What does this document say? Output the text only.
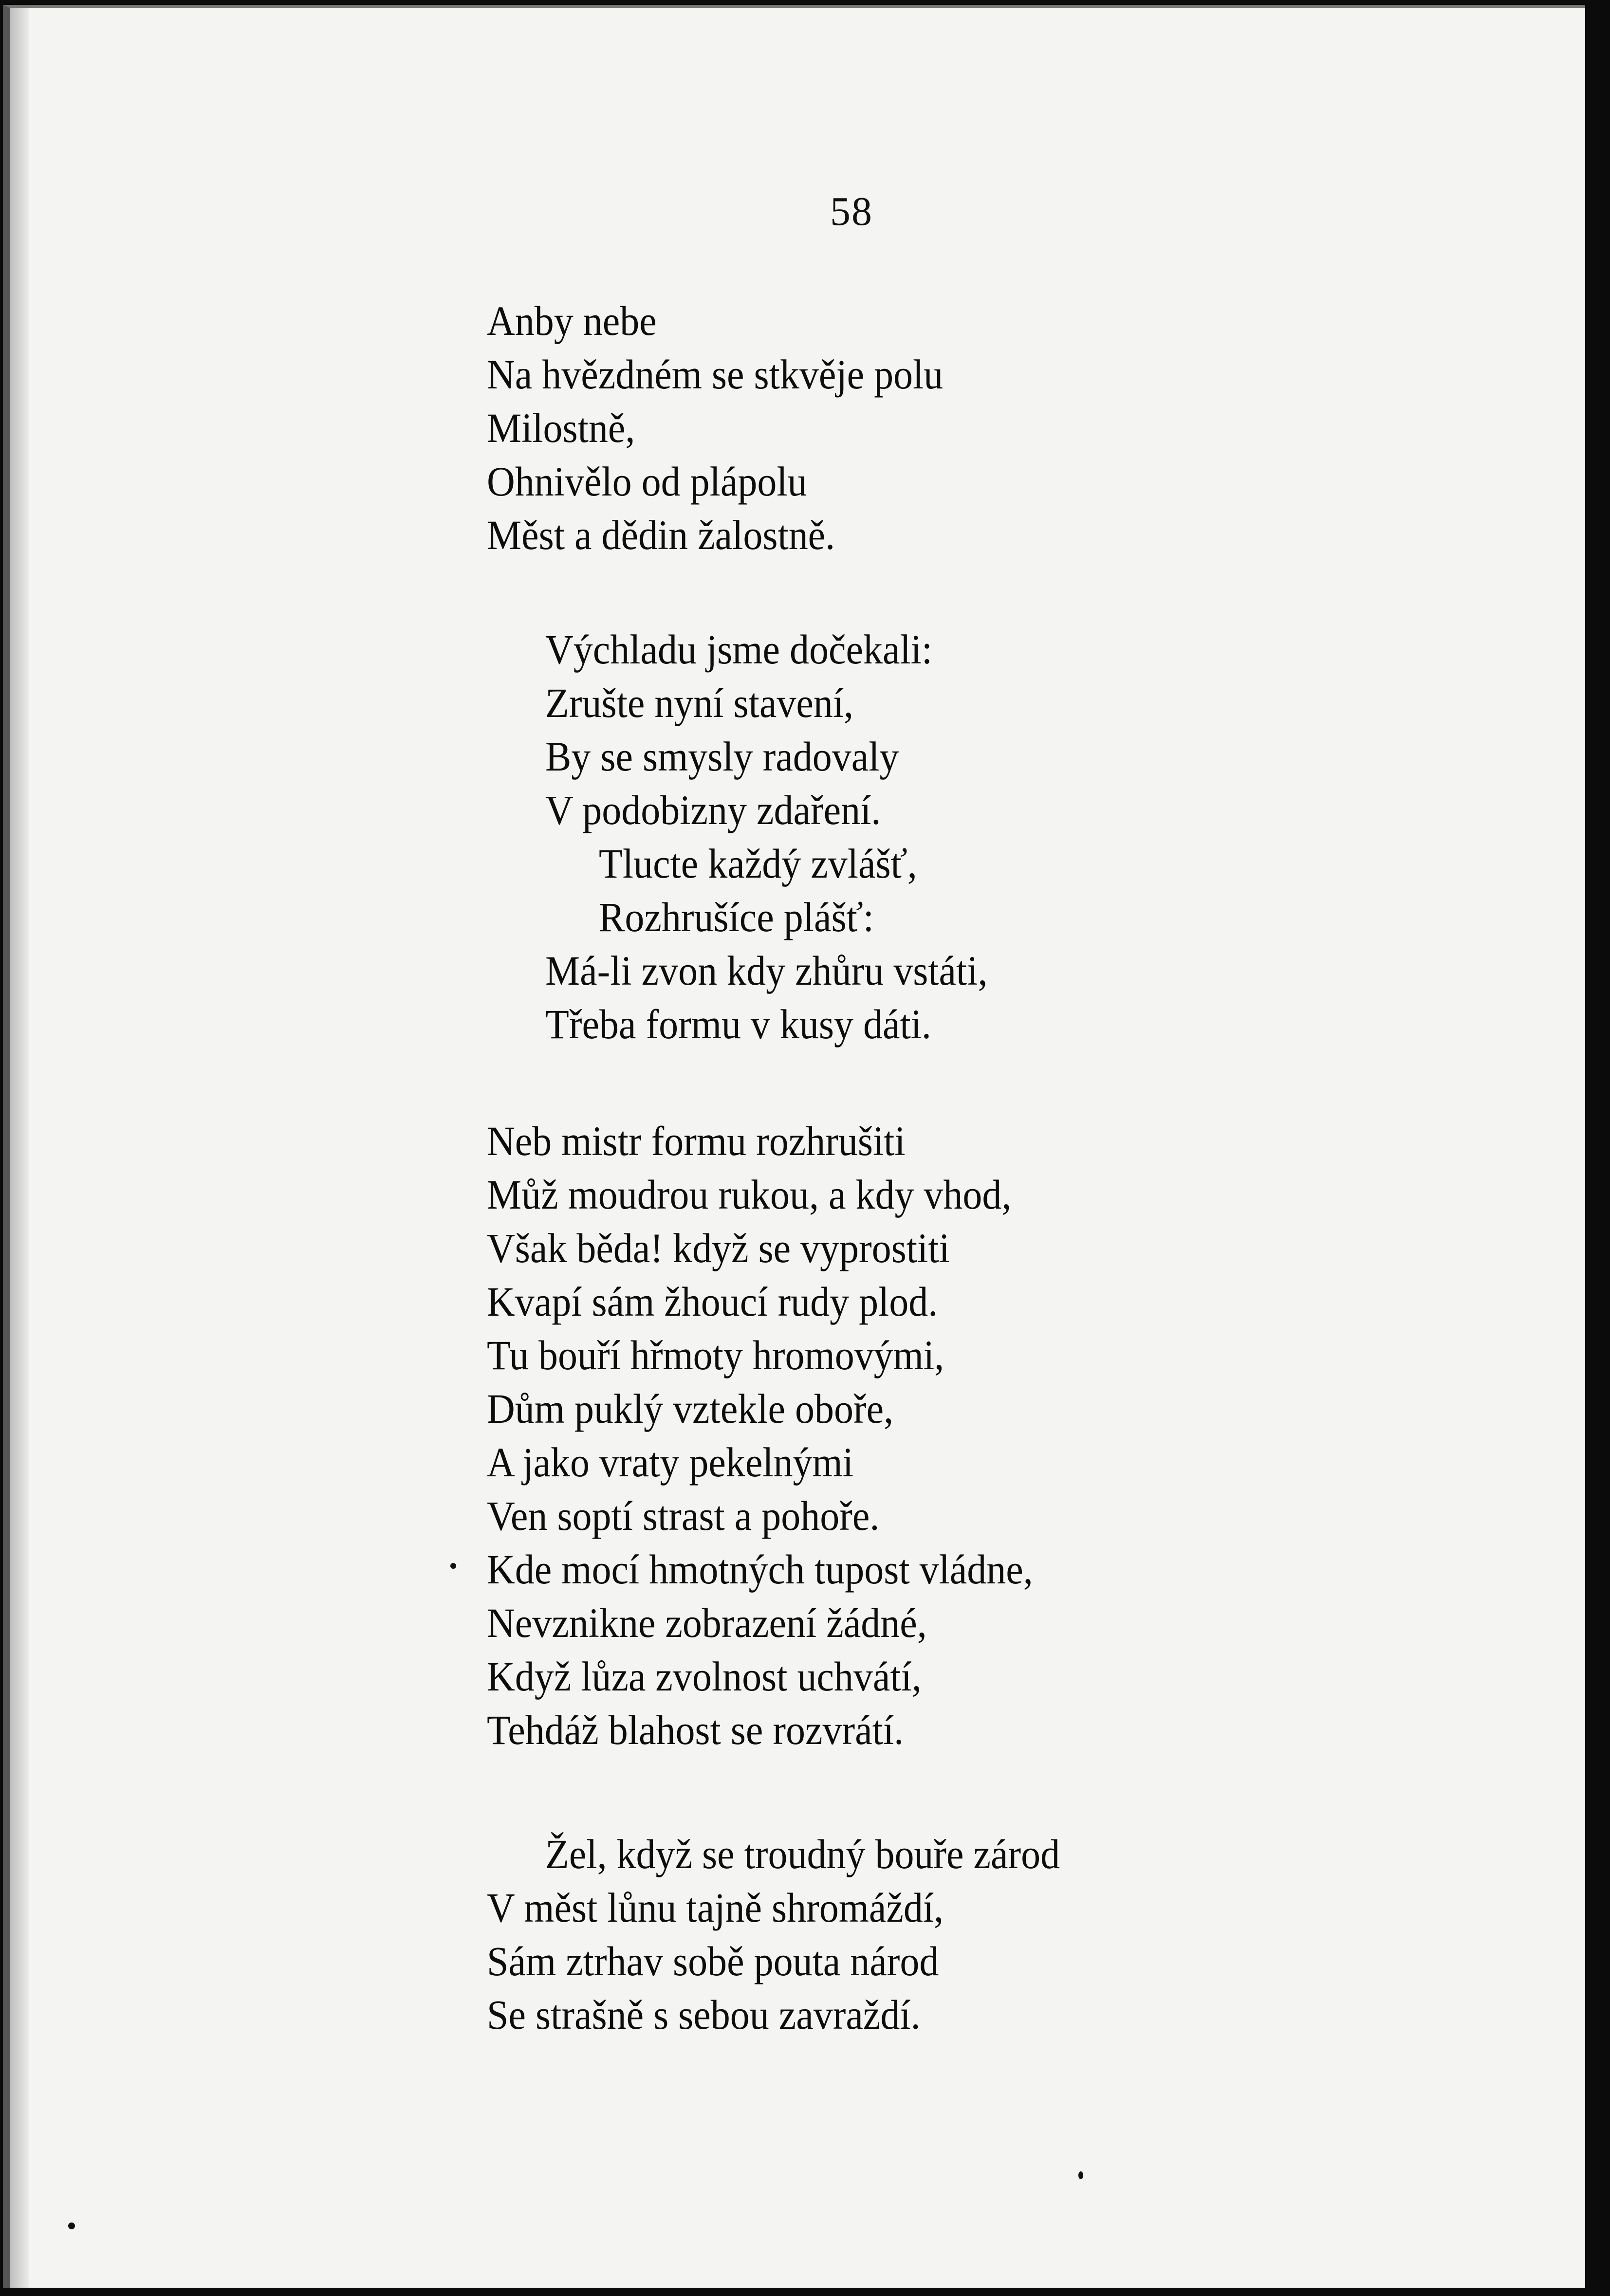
58
Anby nebe
Na hvězdném se stkvěje polu
Milostně,
Ohnivělo od plápolu
Měst a dědin žalostně.
Výchladu jsme dočekali:
Zrušte nyní stavení,
By se smysly radovaly
V podobizny zdaření.
Tlucte každý zvlášť,
Rozhrušíce plášť:
Má-li zvon kdy zhůru vstáti,
Třeba formu v kusy dáti.
Neb mistr formu rozhrušiti
Můž moudrou rukou, a kdy vhod,
Však běda! když se vyprostiti
Kvapí sám žhoucí rudy plod.
Tu bouří hřmoty hromovými,
Dům puklý vztekle oboře,
A jako vraty pekelnými
Ven soptí strast a pohoře.
Kde mocí hmotných tupost vládne,
Nevznikne zobrazení žádné,
Když lůza zvolnost uchvátí,
Tehdáž blahost se rozvrátí.
Žel, když se troudný bouře zárod
V měst lůnu tajně shromáždí,
Sám ztrhav sobě pouta národ
Se strašně s sebou zavraždí.
